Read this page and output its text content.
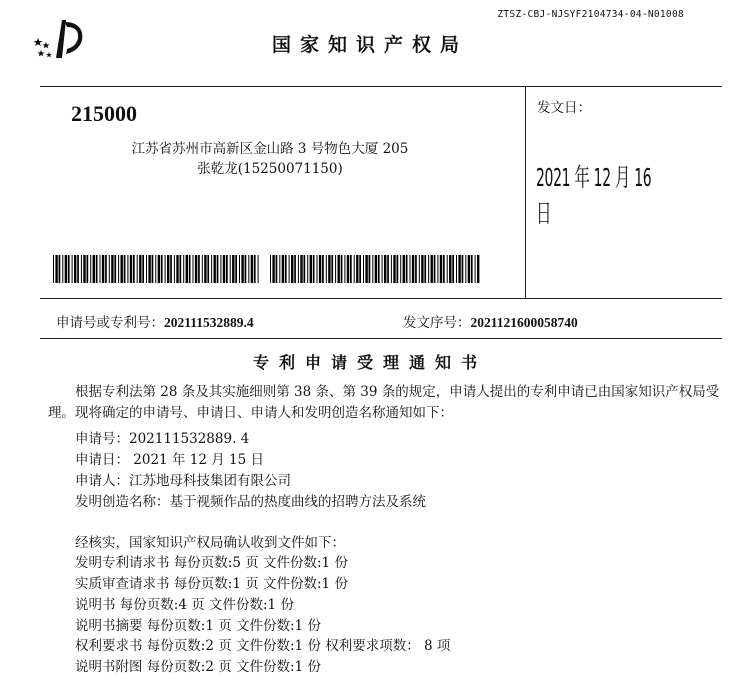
ZTSZ-CBJ-NJSYF2104734-04-N01008
国家知识产权局
215000
江苏省苏州市高新区金山路 3 号物色大厦 205
张乾龙(15250071150)
发文日：
2021 年 12 月 16 日
申请号或专利号：202111532889.4	发文序号：2021121600058740
专利申请受理通知书
根据专利法第 28 条及其实施细则第 38 条、第 39 条的规定，申请人提出的专利申请已由国家知识产权局受理。现将确定的申请号、申请日、申请人和发明创造名称通知如下：
申请号：202111532889. 4
申请日： 2021 年 12 月 15 日
申请人：江苏地母科技集团有限公司
发明创造名称：基于视频作品的热度曲线的招聘方法及系统
经核实，国家知识产权局确认收到文件如下：
发明专利请求书 每份页数:5 页 文件份数:1 份
实质审查请求书 每份页数:1 页 文件份数:1 份
说明书 每份页数:4 页 文件份数:1 份
说明书摘要 每份页数:1 页 文件份数:1 份
权利要求书 每份页数:2 页 文件份数:1 份 权利要求项数： 8 项
说明书附图 每份页数:2 页 文件份数:1 份
